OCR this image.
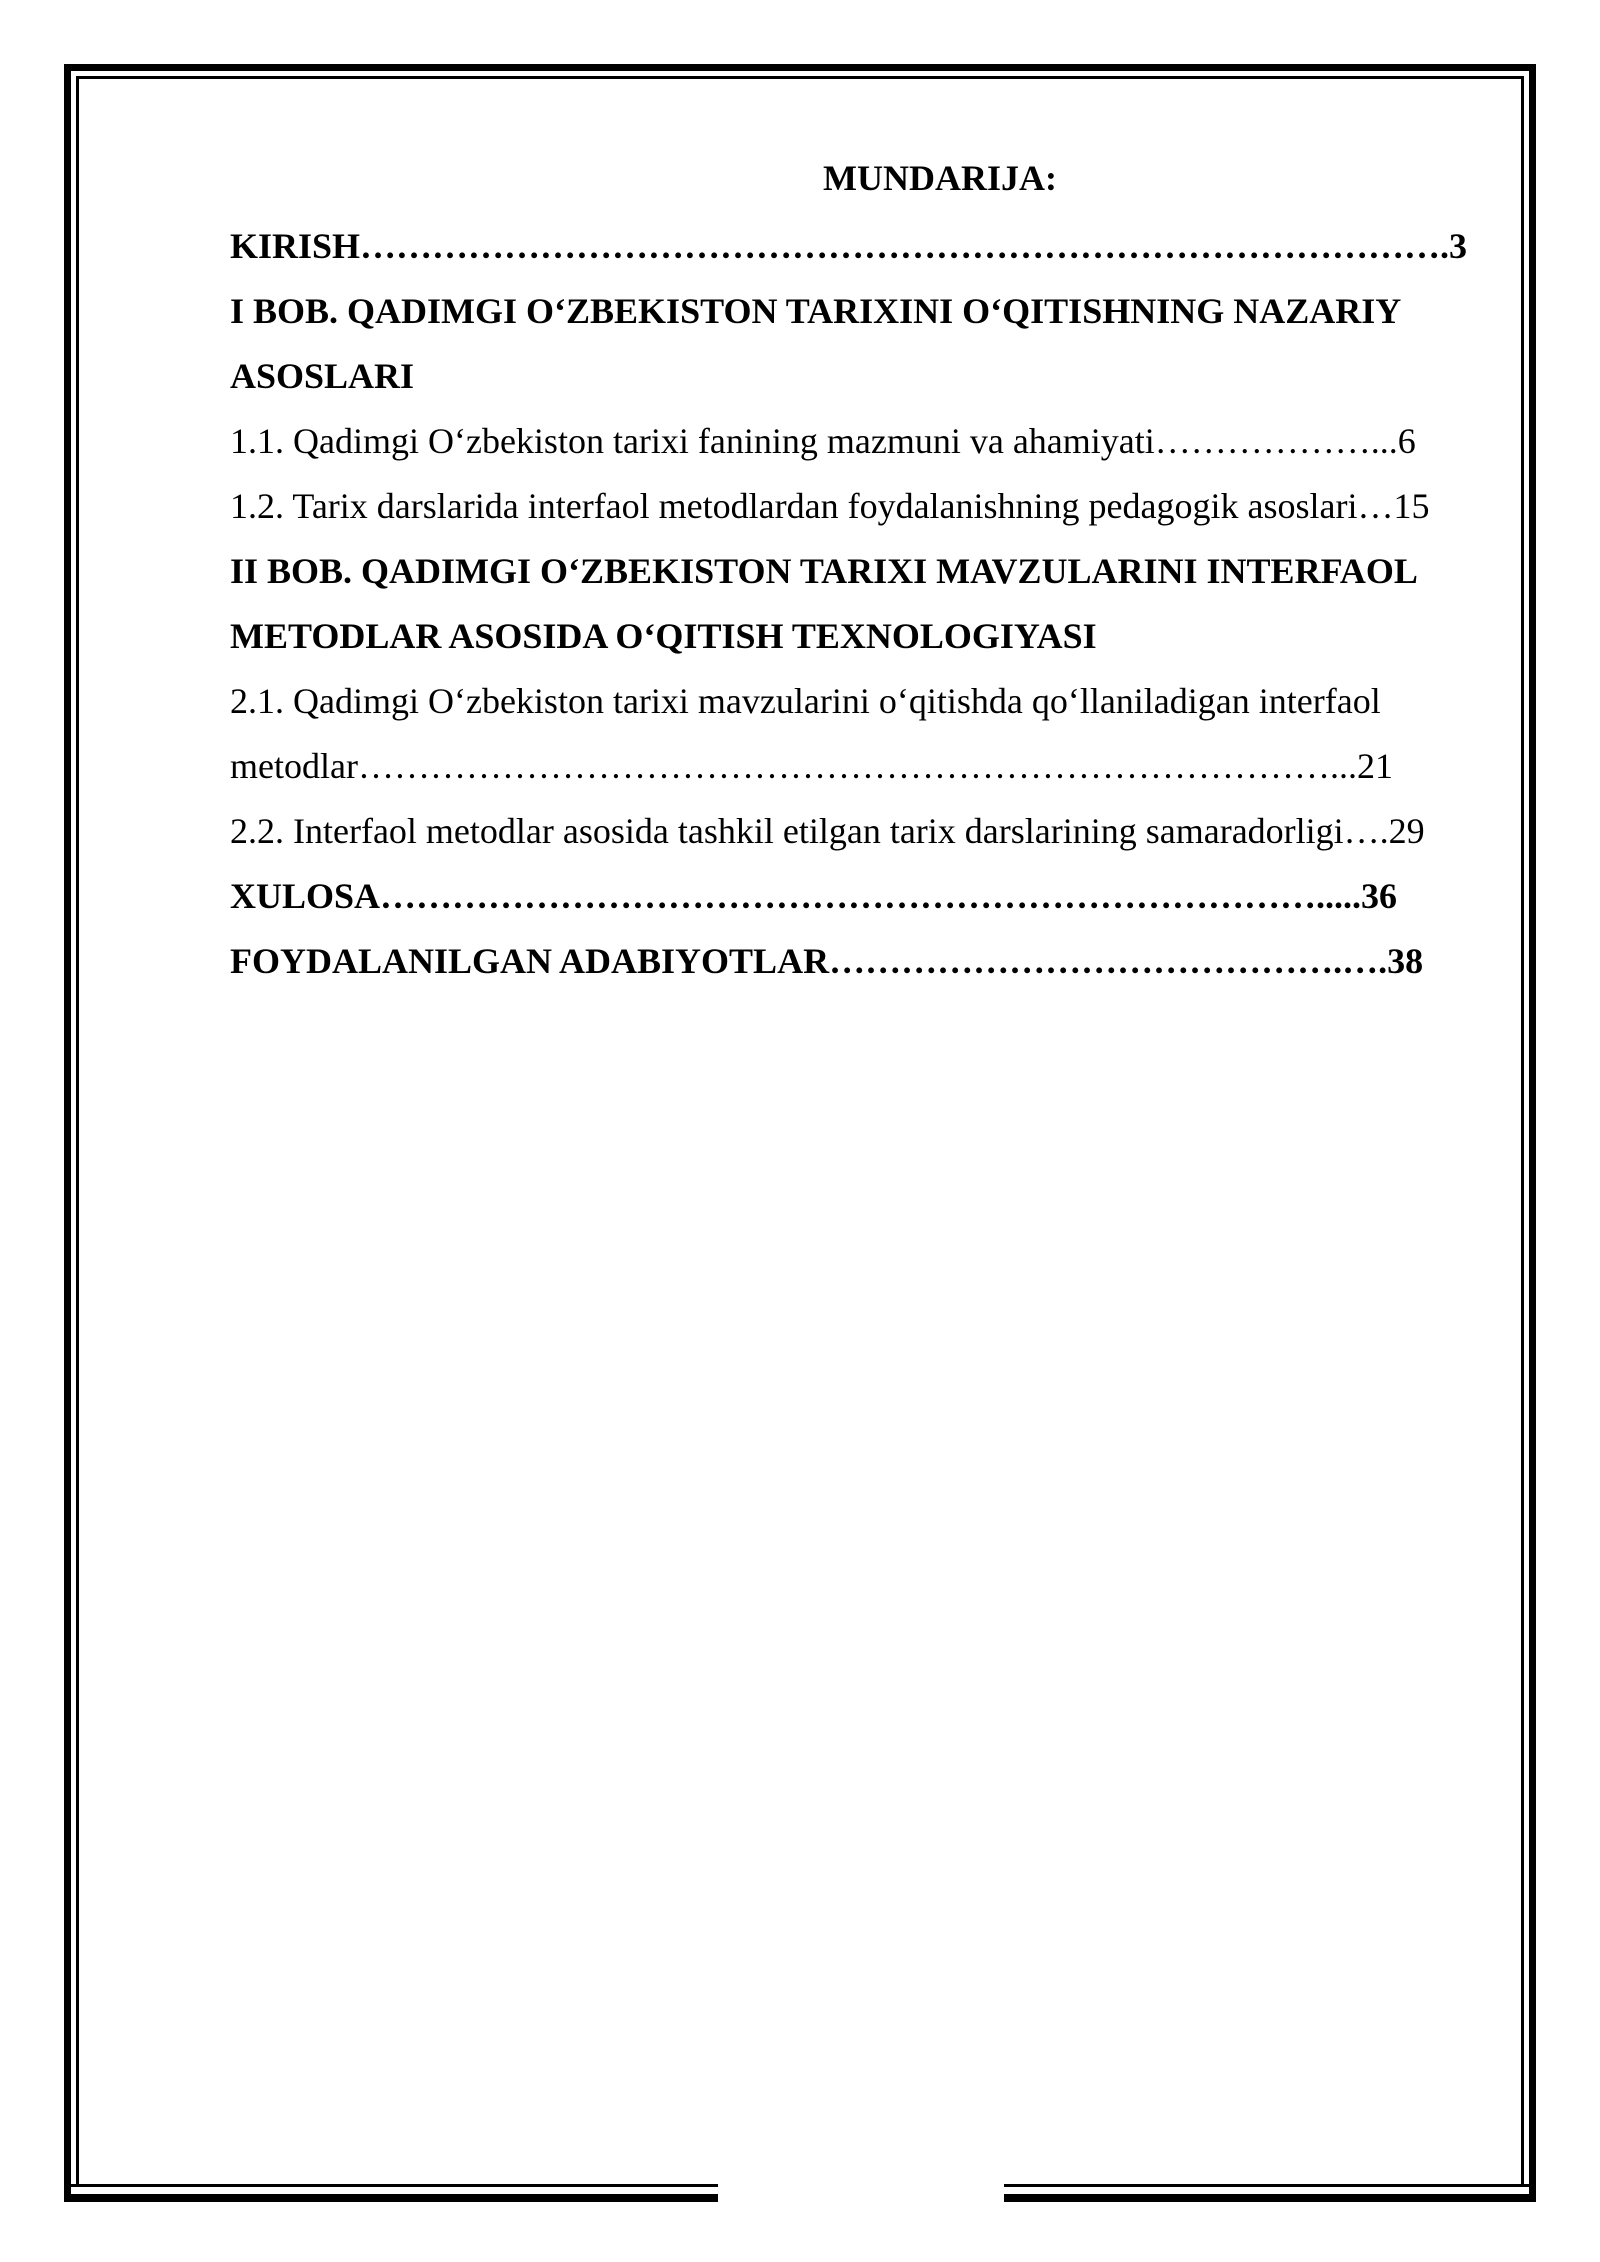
MUNDARIJA:
KIRISH……………………………………………………………………………….3
I BOB. QADIMGI O‘ZBEKISTON TARIXINI O‘QITISHNING NAZARIY
ASOSLARI
1.1. Qadimgi O‘zbekiston tarixi fanining mazmuni va ahamiyati………………...6
1.2. Tarix darslarida interfaol metodlardan foydalanishning pedagogik asoslari…15
II BOB. QADIMGI O‘ZBEKISTON TARIXI MAVZULARINI INTERFAOL
METODLAR ASOSIDA O‘QITISH TEXNOLOGIYASI
2.1. Qadimgi O‘zbekiston tarixi mavzularini o‘qitishda qo‘llaniladigan interfaol
metodlar………………………………………………………………………...21
2.2. Interfaol metodlar asosida tashkil etilgan tarix darslarining samaradorligi….29
XULOSA…………………………………………………………………….....36
FOYDALANILGAN ADABIYOTLAR…………………………………….….38
